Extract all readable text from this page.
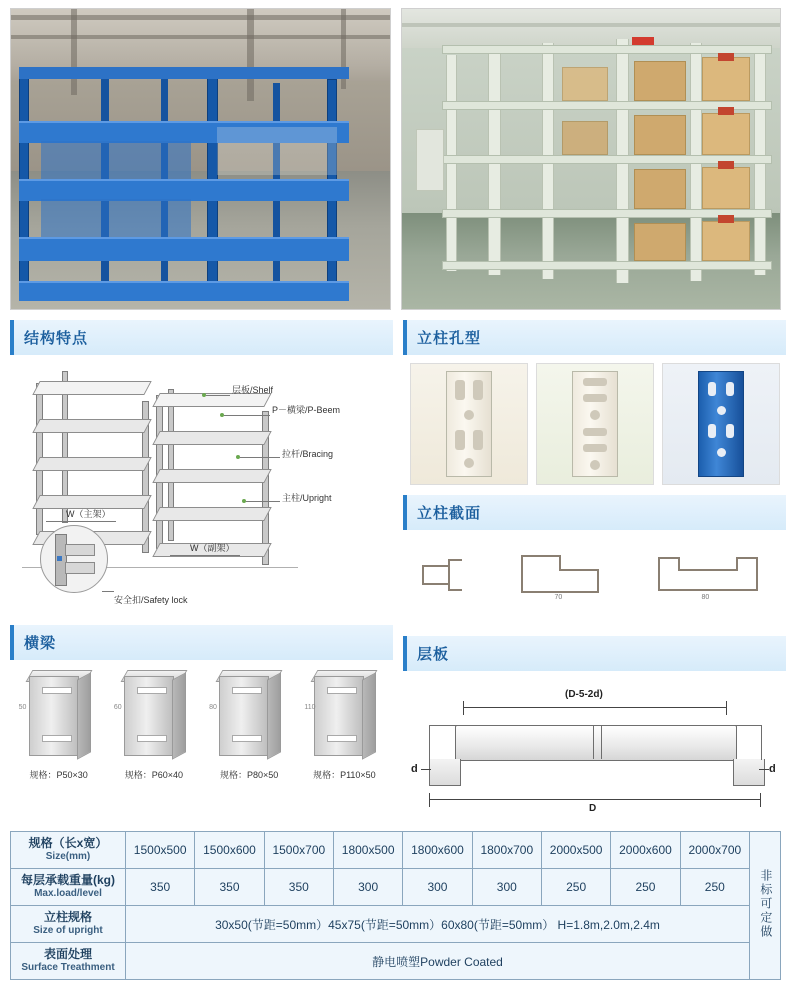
结构特点
层板/Shelf
P－横梁/P-Beem
拉杆/Bracing
主柱/Upright
W（主架）
W（副架）
安全扣/Safety lock
横梁
50
规格：P50×30
60
规格：P60×40
80
规格：P80×50
110
规格：P110×50
立柱孔型
立柱截面
70	80
层板
(D-5-2d)
d	d
D
规格（长x宽）
Size(mm)	1500x500	1500x600	1500x700	1800x500	1800x600	1800x700	2000x500	2000x600	2000x700	非标可定做

每层承载重量(kg)
Max.load/level	350	350	350	300	300	300	250	250	250	

立柱规格
Size of upright	30x50(节距=50mm）45x75(节距=50mm）60x80(节距=50mm） H=1.8m,2.0m,2.4m									

表面处理
Surface Treathment	静电喷塑Powder Coated									
